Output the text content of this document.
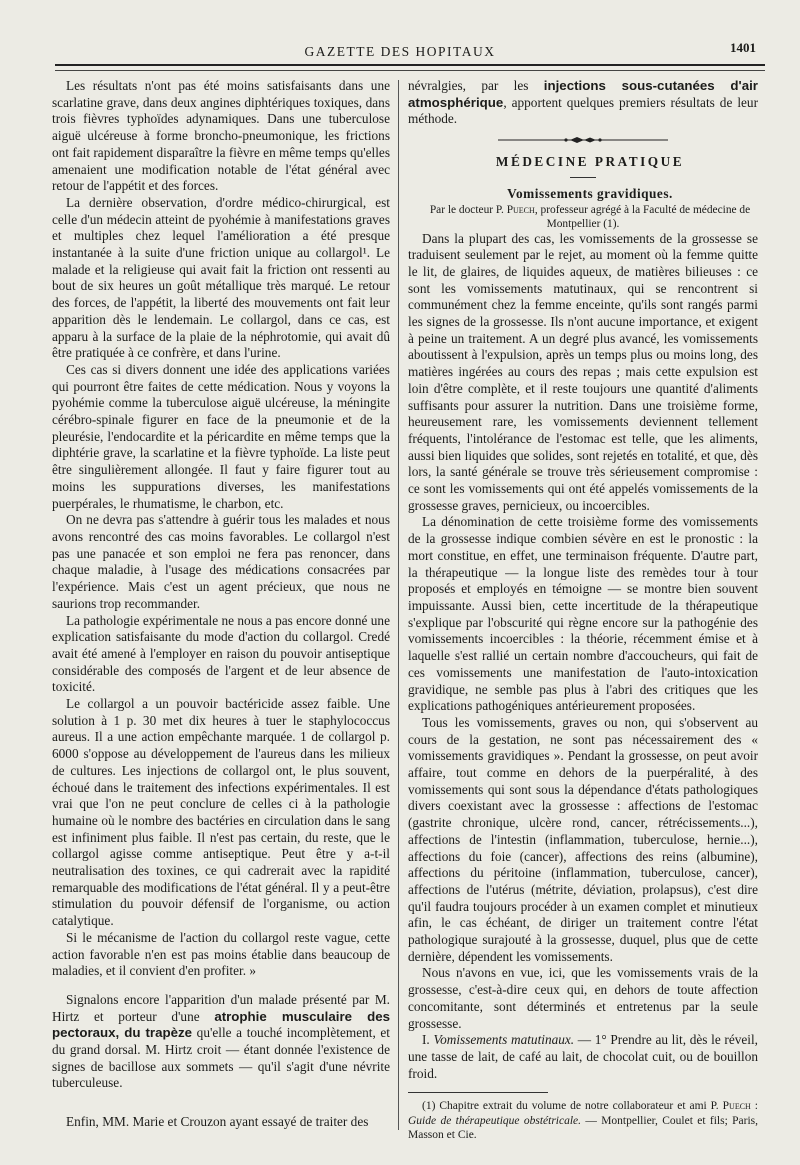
GAZETTE DES HOPITAUX	1401

Les résultats n'ont pas été moins satisfaisants dans une scarlatine grave, dans deux angines diphtériques toxiques, dans trois fièvres typhoïdes adynamiques. Dans une tuberculose aiguë ulcéreuse à forme broncho-pneumonique, les frictions ont fait rapidement disparaître la fièvre en même temps qu'elles amenaient une modification notable de l'état général avec retour de l'appétit et des forces.

La dernière observation, d'ordre médico-chirurgical, est celle d'un médecin atteint de pyohémie à manifestations graves et multiples chez lequel l'amélioration a été presque instantanée à la suite d'une friction unique au collargol¹. Le malade et la religieuse qui avait fait la friction ont ressenti au bout de six heures un goût métallique très marqué. Le retour des forces, de l'appétit, la liberté des mouvements ont fait leur apparition dès le lendemain. Le collargol, dans ce cas, est apparu à la surface de la plaie de la néphrotomie, qui avait dû être pratiquée à ce confrère, et dans l'urine.

Ces cas si divers donnent une idée des applications variées qui pourront être faites de cette médication. Nous y voyons la pyohémie comme la tuberculose aiguë ulcéreuse, la méningite cérébro-spinale figurer en face de la pneumonie et de la pleurésie, l'endocardite et la péricardite en même temps que la diphtérie grave, la scarlatine et la fièvre typhoïde. La liste peut être singulièrement allongée. Il faut y faire figurer tout au moins les suppurations diverses, les manifestations puerpérales, le rhumatisme, le charbon, etc.

On ne devra pas s'attendre à guérir tous les malades et nous avons rencontré des cas moins favorables. Le collargol n'est pas une panacée et son emploi ne fera pas renoncer, dans chaque maladie, à l'usage des médications consacrées par l'expérience. Mais c'est un agent précieux, que nous ne saurions trop recommander.

La pathologie expérimentale ne nous a pas encore donné une explication satisfaisante du mode d'action du collargol. Credé avait été amené à l'employer en raison du pouvoir antiseptique considérable des composés de l'argent et de leur absence de toxicité.

Le collargol a un pouvoir bactéricide assez faible. Une solution à 1 p. 30 met dix heures à tuer le staphylococcus aureus. Il a une action empêchante marquée. 1 de collargol p. 6000 s'oppose au développement de l'aureus dans les milieux de cultures. Les injections de collargol ont, le plus souvent, échoué dans le traitement des infections expérimentales. Il est vrai que l'on ne peut conclure de celles ci à la pathologie humaine où le nombre des bactéries en circulation dans le sang est infiniment plus faible. Il n'est pas certain, du reste, que le collargol agisse comme antiseptique. Peut être y a-t-il neutralisation des toxines, ce qui cadrerait avec la rapidité remarquable des modifications de l'état général. Il y a peut-être stimulation du pouvoir défensif de l'organisme, ou action catalytique.

Si le mécanisme de l'action du collargol reste vague, cette action favorable n'en est pas moins établie dans beaucoup de maladies, et il convient d'en profiter. »

Signalons encore l'apparition d'un malade présenté par M. Hirtz et porteur d'une atrophie musculaire des pectoraux, du trapèze qu'elle a touché incomplètement, et du grand dorsal. M. Hirtz croit — étant donnée l'existence de signes de bacillose aux sommets — qu'il s'agit d'une névrite tuberculeuse.

Enfin, MM. Marie et Crouzon ayant essayé de traiter des

névralgies, par les injections sous-cutanées d'air atmosphérique, apportent quelques premiers résultats de leur méthode.

MÉDECINE PRATIQUE

Vomissements gravidiques.

Par le docteur P. Puech, professeur agrégé à la Faculté de médecine de Montpellier (1).

Dans la plupart des cas, les vomissements de la grossesse se traduisent seulement par le rejet, au moment où la femme quitte le lit, de glaires, de liquides aqueux, de matières bilieuses : ce sont les vomissements matutinaux, qui se rencontrent si communément chez la femme enceinte, qu'ils sont rangés parmi les signes de la grossesse. Ils n'ont aucune importance, et exigent à peine un traitement. A un degré plus avancé, les vomissements aboutissent à l'expulsion, après un temps plus ou moins long, des matières ingérées au cours des repas ; mais cette expulsion est loin d'être complète, et il reste toujours une quantité d'aliments suffisants pour assurer la nutrition. Dans une troisième forme, heureusement rare, les vomissements deviennent tellement fréquents, l'intolérance de l'estomac est telle, que les aliments, aussi bien liquides que solides, sont rejetés en totalité, et que, dès lors, la santé générale se trouve très sérieusement compromise : ce sont les vomissements qui ont été appelés vomissements de la grossesse graves, pernicieux, ou incoercibles.

La dénomination de cette troisième forme des vomissements de la grossesse indique combien sévère en est le pronostic : la mort constitue, en effet, une terminaison fréquente. D'autre part, la thérapeutique — la longue liste des remèdes tour à tour proposés et employés en témoigne — se montre bien souvent impuissante. Aussi bien, cette incertitude de la thérapeutique s'explique par l'obscurité qui règne encore sur la pathogénie des vomissements incoercibles : la théorie, récemment émise et à laquelle s'est rallié un certain nombre d'accoucheurs, qui fait de ces vomissements une manifestation de l'auto-intoxication gravidique, ne semble pas plus à l'abri des critiques que les explications pathogéniques antérieurement proposées.

Tous les vomissements, graves ou non, qui s'observent au cours de la gestation, ne sont pas nécessairement des « vomissements gravidiques ». Pendant la grossesse, on peut avoir affaire, tout comme en dehors de la puerpéralité, à des vomissements qui sont sous la dépendance d'états pathologiques divers coexistant avec la grossesse : affections de l'estomac (gastrite chronique, ulcère rond, cancer, rétrécissements...), affections de l'intestin (inflammation, tuberculose, hernie...), affections du foie (cancer), affections des reins (albumine), affections du péritoine (inflammation, tuberculose, cancer), affections de l'utérus (métrite, déviation, prolapsus), c'est dire qu'il faudra toujours procéder à un examen complet et minutieux afin, le cas échéant, de diriger un traitement contre l'état pathologique surajouté à la grossesse, duquel, plus que de cette dernière, dépendent les vomissements.

Nous n'avons en vue, ici, que les vomissements vrais de la grossesse, c'est-à-dire ceux qui, en dehors de toute affection concomitante, sont déterminés et entretenus par la seule grossesse.

I. Vomissements matutinaux. — 1° Prendre au lit, dès le réveil, une tasse de lait, de café au lait, de chocolat cuit, ou de bouillon froid.

(1) Chapitre extrait du volume de notre collaborateur et ami P. Puech : Guide de thérapeutique obstétricale. — Montpellier, Coulet et fils; Paris, Masson et Cie.
